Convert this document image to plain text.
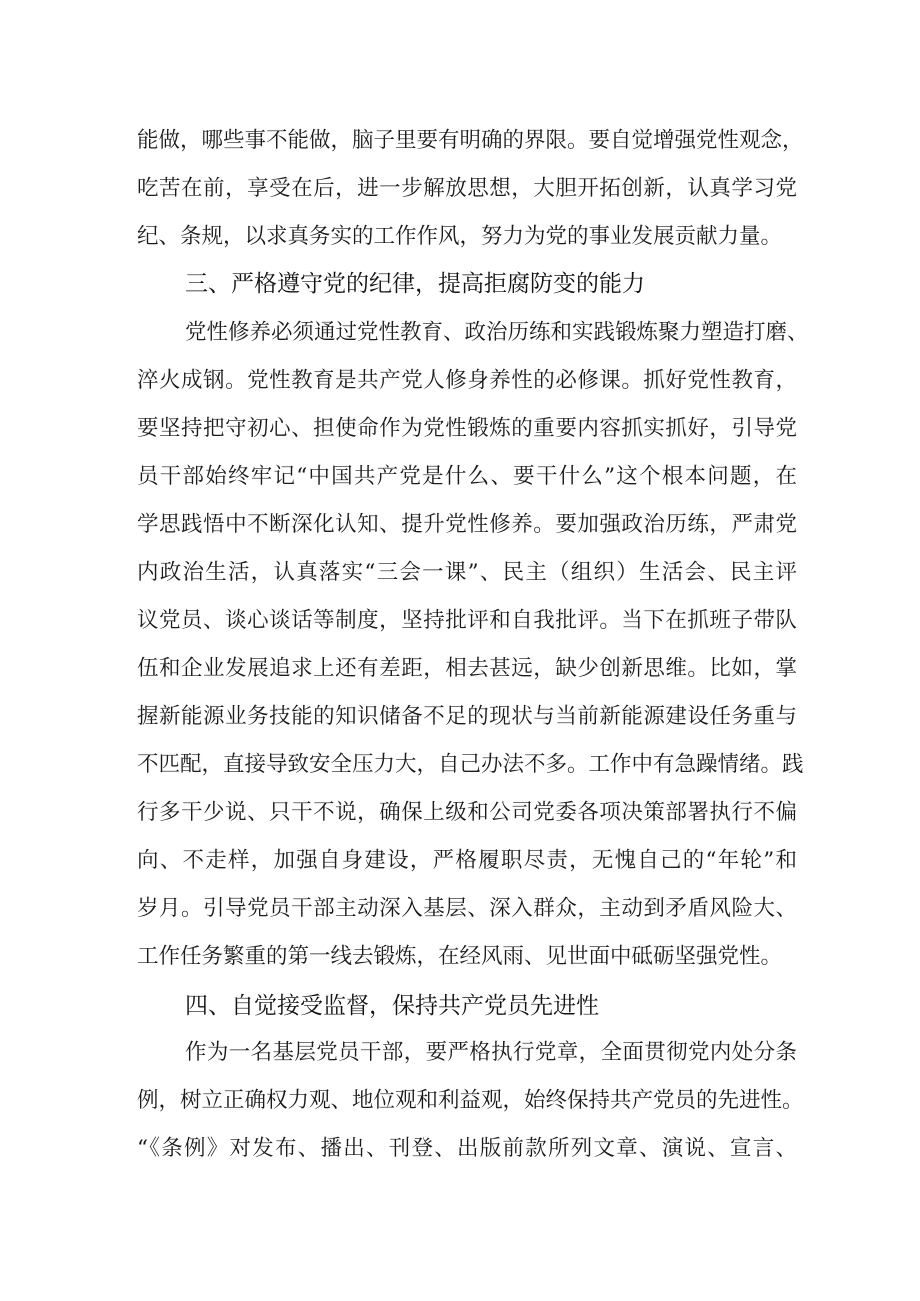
能做，哪些事不能做，脑子里要有明确的界限。要自觉增强党性观念，
吃苦在前，享受在后，进一步解放思想，大胆开拓创新，认真学习党
纪、条规，以求真务实的工作作风，努力为党的事业发展贡献力量。
三、严格遵守党的纪律，提高拒腐防变的能力
党性修养必须通过党性教育、政治历练和实践锻炼聚力塑造打磨、
淬火成钢。党性教育是共产党人修身养性的必修课。抓好党性教育，
要坚持把守初心、担使命作为党性锻炼的重要内容抓实抓好，引导党
员干部始终牢记“中国共产党是什么、要干什么”这个根本问题，在
学思践悟中不断深化认知、提升党性修养。要加强政治历练，严肃党
内政治生活，认真落实“三会一课”、民主（组织）生活会、民主评
议党员、谈心谈话等制度，坚持批评和自我批评。当下在抓班子带队
伍和企业发展追求上还有差距，相去甚远，缺少创新思维。比如，掌
握新能源业务技能的知识储备不足的现状与当前新能源建设任务重与
不匹配，直接导致安全压力大，自己办法不多。工作中有急躁情绪。践
行多干少说、只干不说，确保上级和公司党委各项决策部署执行不偏
向、不走样，加强自身建设，严格履职尽责，无愧自己的“年轮”和
岁月。引导党员干部主动深入基层、深入群众，主动到矛盾风险大、
工作任务繁重的第一线去锻炼，在经风雨、见世面中砥砺坚强党性。
四、自觉接受监督，保持共产党员先进性
作为一名基层党员干部，要严格执行党章，全面贯彻党内处分条
例，树立正确权力观、地位观和利益观，始终保持共产党员的先进性。
“《条例》对发布、播出、刊登、出版前款所列文章、演说、宣言、
